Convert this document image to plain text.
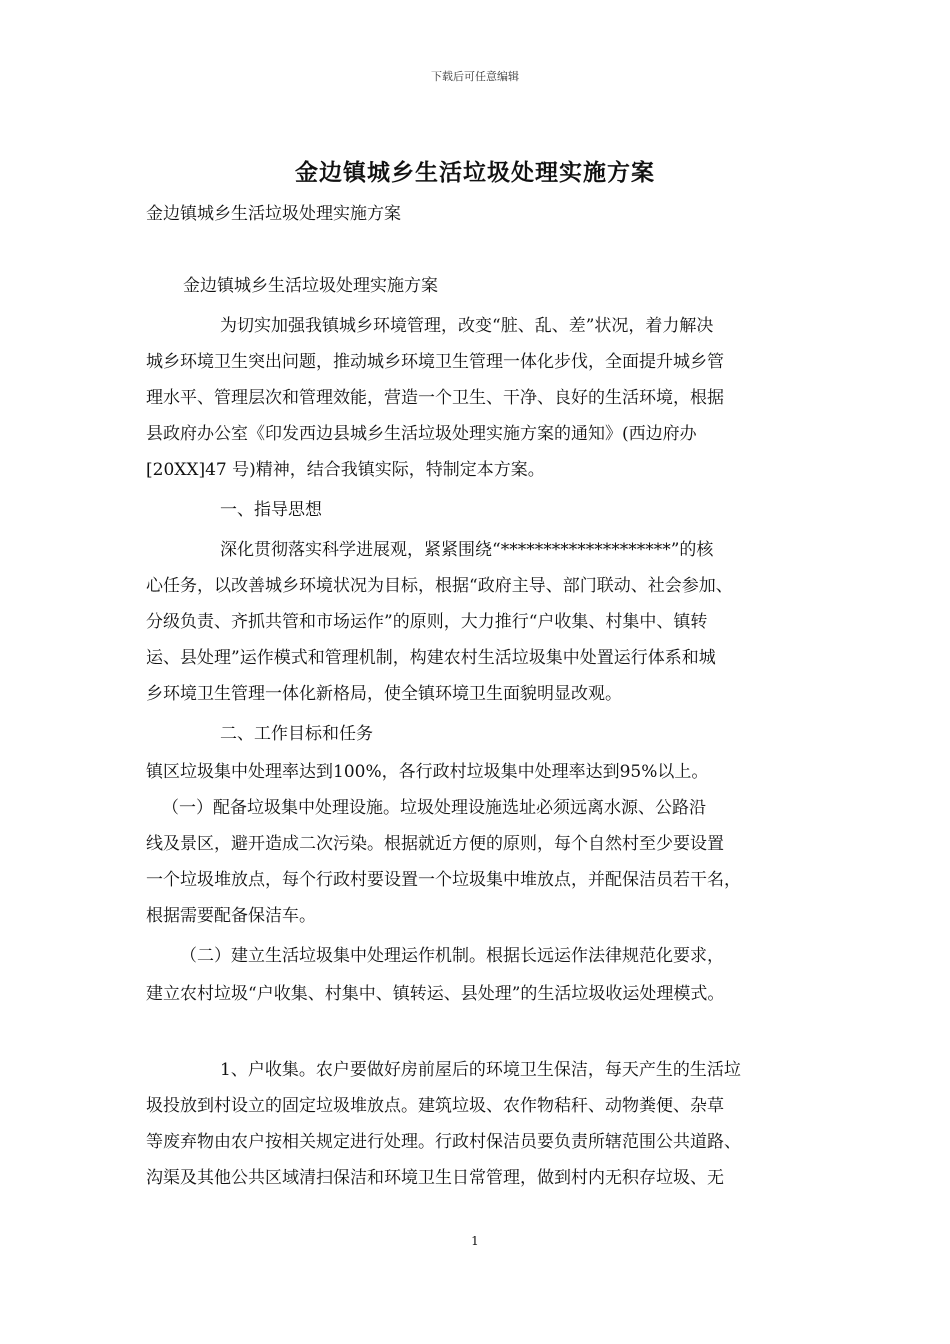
下载后可任意编辑
金边镇城乡生活垃圾处理实施方案
金边镇城乡生活垃圾处理实施方案
金边镇城乡生活垃圾处理实施方案
为切实加强我镇城乡环境管理，改变“脏、乱、差”状况，着力解决
城乡环境卫生突出问题，推动城乡环境卫生管理一体化步伐，全面提升城乡管
理水平、管理层次和管理效能，营造一个卫生、干净、良好的生活环境，根据
县政府办公室《印发西边县城乡生活垃圾处理实施方案的通知》(西边府办
[20XX]47 号)精神，结合我镇实际，特制定本方案。
一、指导思想
深化贯彻落实科学进展观，紧紧围绕“********************”的核
心任务，以改善城乡环境状况为目标，根据“政府主导、部门联动、社会参加、
分级负责、齐抓共管和市场运作”的原则，大力推行“户收集、村集中、镇转
运、县处理”运作模式和管理机制，构建农村生活垃圾集中处置运行体系和城
乡环境卫生管理一体化新格局，使全镇环境卫生面貌明显改观。
二、工作目标和任务
镇区垃圾集中处理率达到100%，各行政村垃圾集中处理率达到95%以上。
（一）配备垃圾集中处理设施。垃圾处理设施选址必须远离水源、公路沿
线及景区，避开造成二次污染。根据就近方便的原则，每个自然村至少要设置
一个垃圾堆放点，每个行政村要设置一个垃圾集中堆放点，并配保洁员若干名，
根据需要配备保洁车。
（二）建立生活垃圾集中处理运作机制。根据长远运作法律规范化要求，
建立农村垃圾“户收集、村集中、镇转运、县处理”的生活垃圾收运处理模式。
1、户收集。农户要做好房前屋后的环境卫生保洁，每天产生的生活垃
圾投放到村设立的固定垃圾堆放点。建筑垃圾、农作物秸秆、动物粪便、杂草
等废弃物由农户按相关规定进行处理。行政村保洁员要负责所辖范围公共道路、
沟渠及其他公共区域清扫保洁和环境卫生日常管理，做到村内无积存垃圾、无
1
